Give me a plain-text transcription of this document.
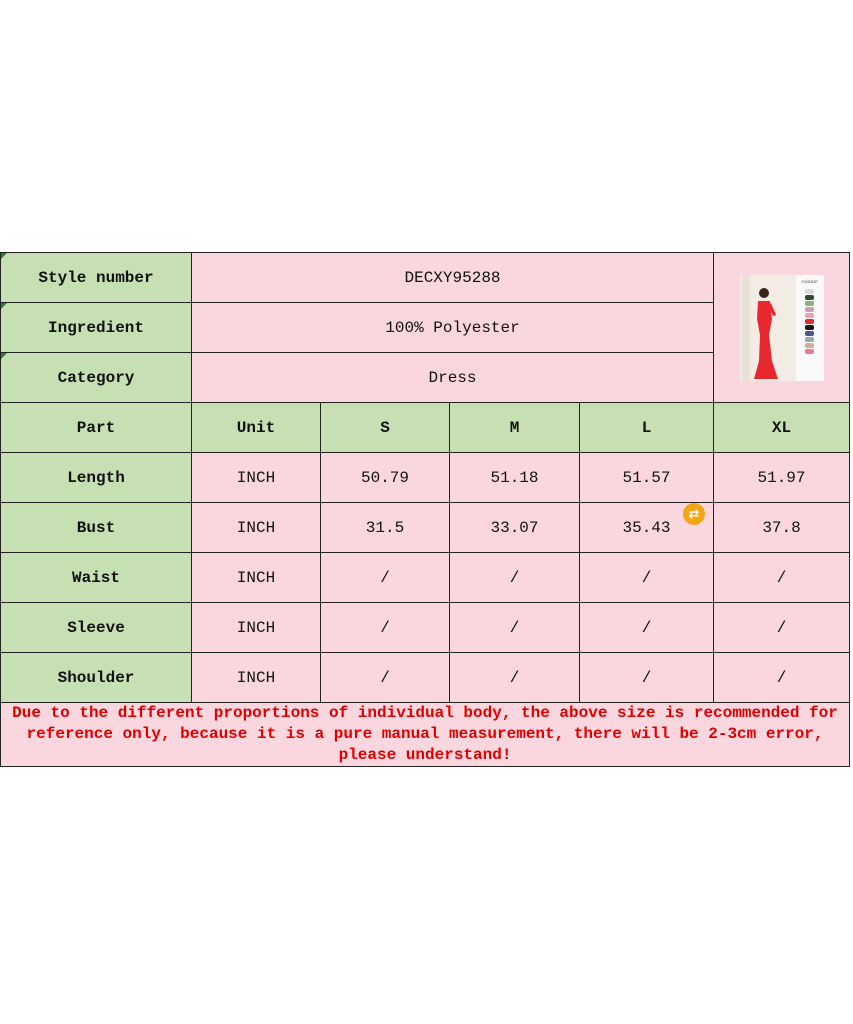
Style number	DECXY95288				colour

Ingredient	100% Polyester				
Category	Dress				
Part	Unit	S	M	L	XL
Length	INCH	50.79	51.18	51.57	51.97
Bust	INCH	31.5	33.07	35.43	37.8
Waist	INCH	/	/	/	/
Sleeve	INCH	/	/	/	/
Shoulder	INCH	/	/	/	/
Due to the different proportions of individual body, the above size is recommended for reference only, because it is a pure manual measurement, there will be 2-3cm error, please understand!					
⇄
